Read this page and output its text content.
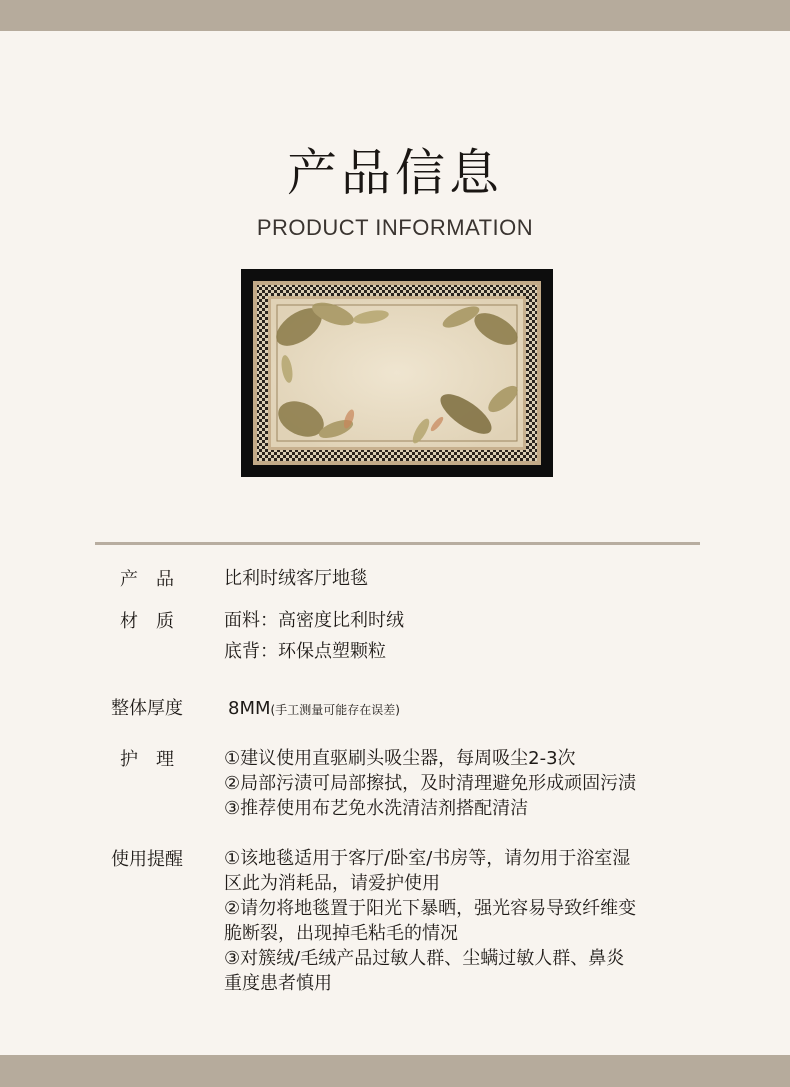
产品信息
PRODUCT INFORMATION
产　品	比利时绒客厅地毯
材　质	面料：高密度比利时绒
底背：环保点塑颗粒
整体厚度	8MM(手工测量可能存在误差)
护　理	①建议使用直驱刷头吸尘器，每周吸尘2-3次
②局部污渍可局部擦拭，及时清理避免形成顽固污渍
③推荐使用布艺免水洗清洁剂搭配清洁
使用提醒	①该地毯适用于客厅/卧室/书房等，请勿用于浴室湿
区此为消耗品，请爱护使用
②请勿将地毯置于阳光下暴晒，强光容易导致纤维变
脆断裂，出现掉毛粘毛的情况
③对簇绒/毛绒产品过敏人群、尘螨过敏人群、鼻炎
重度患者慎用
